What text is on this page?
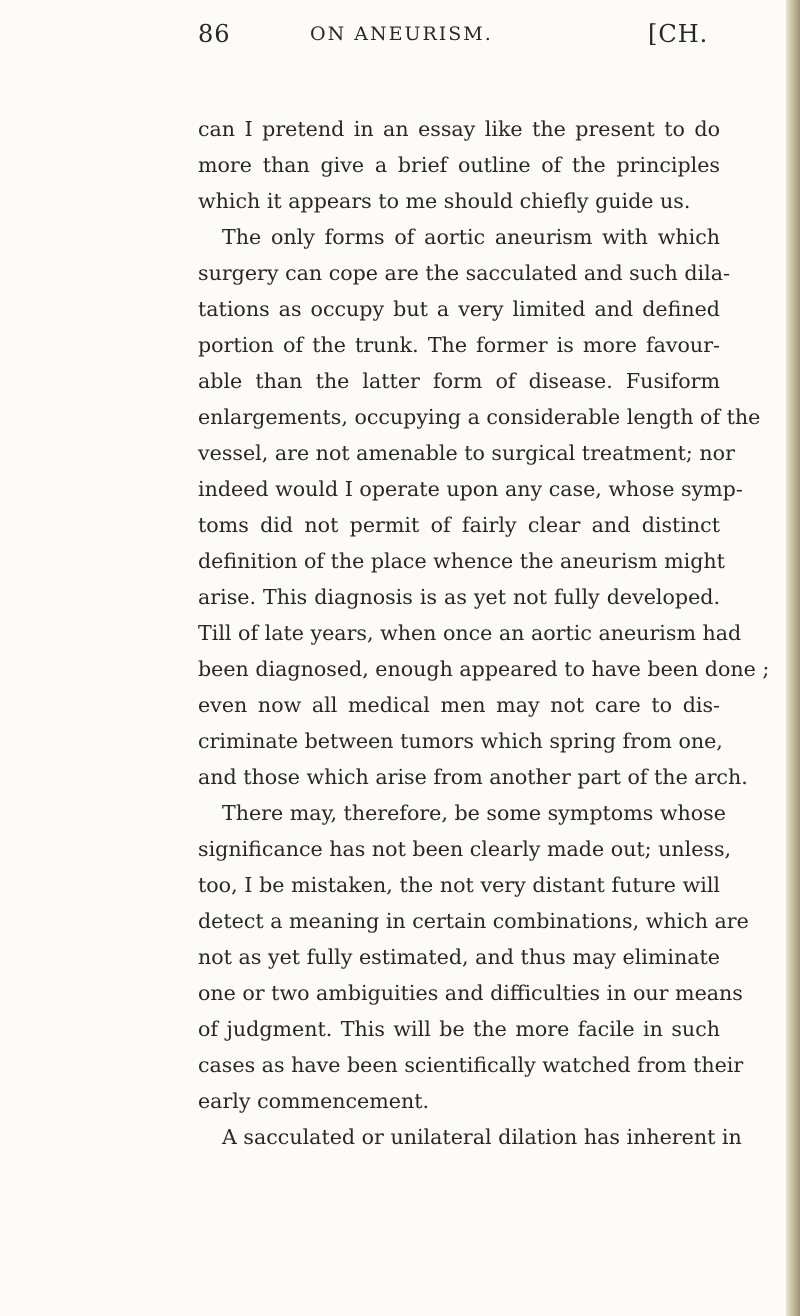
86	ON ANEURISM.	[CH.
can I pretend in an essay like the present to do
more than give a brief outline of the principles
which it appears to me should chiefly guide us.
The only forms of aortic aneurism with which
surgery can cope are the sacculated and such dila-
tations as occupy but a very limited and defined
portion of the trunk. The former is more favour-
able than the latter form of disease. Fusiform
enlargements, occupying a considerable length of the
vessel, are not amenable to surgical treatment; nor
indeed would I operate upon any case, whose symp-
toms did not permit of fairly clear and distinct
definition of the place whence the aneurism might
arise. This diagnosis is as yet not fully developed.
Till of late years, when once an aortic aneurism had
been diagnosed, enough appeared to have been done ;
even now all medical men may not care to dis-
criminate between tumors which spring from one,
and those which arise from another part of the arch.
There may, therefore, be some symptoms whose
significance has not been clearly made out; unless,
too, I be mistaken, the not very distant future will
detect a meaning in certain combinations, which are
not as yet fully estimated, and thus may eliminate
one or two ambiguities and difficulties in our means
of judgment. This will be the more facile in such
cases as have been scientifically watched from their
early commencement.
A sacculated or unilateral dilation has inherent in
